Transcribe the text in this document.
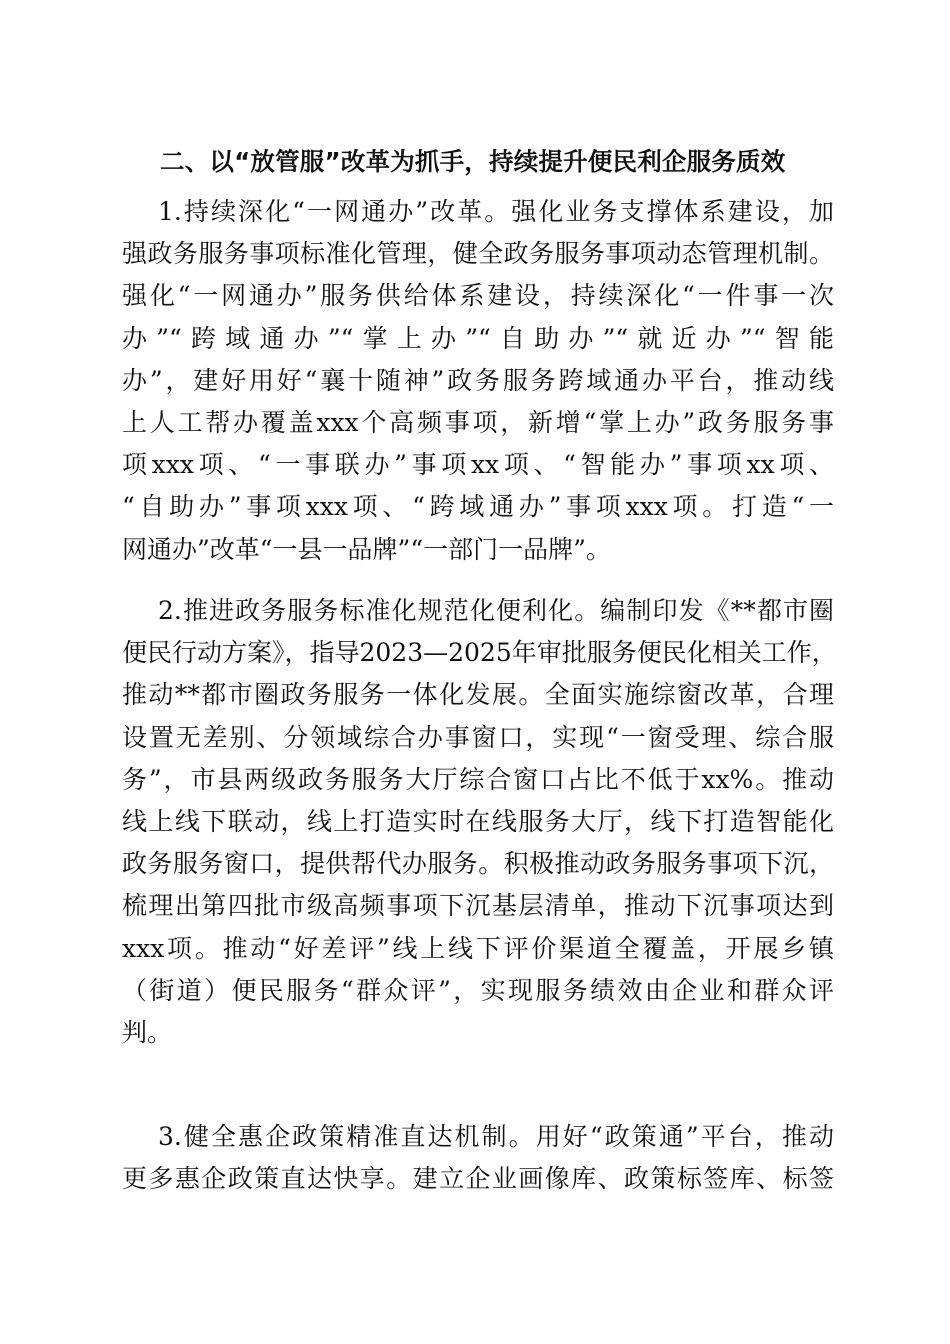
二、以“放管服”改革为抓手，持续提升便民利企服务质效
1.持续深化“一网通办”改革。强化业务支撑体系建设，加
强政务服务事项标准化管理，健全政务服务事项动态管理机制。
强化“一网通办”服务供给体系建设，持续深化“一件事一次
办”“跨域通办”“掌上办”“自助办”“就近办”“智能
办”，建好用好“襄十随神”政务服务跨域通办平台，推动线
上人工帮办覆盖xxx个高频事项，新增“掌上办”政务服务事
项xxx项、“一事联办”事项xx项、“智能办”事项xx项、
“自助办”事项xxx项、“跨域通办”事项xxx项。打造“一
网通办”改革“一县一品牌”“一部门一品牌”。
2.推进政务服务标准化规范化便利化。编制印发《**都市圈
便民行动方案》，指导2023—2025年审批服务便民化相关工作，
推动**都市圈政务服务一体化发展。全面实施综窗改革，合理
设置无差别、分领域综合办事窗口，实现“一窗受理、综合服
务”，市县两级政务服务大厅综合窗口占比不低于xx%。推动
线上线下联动，线上打造实时在线服务大厅，线下打造智能化
政务服务窗口，提供帮代办服务。积极推动政务服务事项下沉，
梳理出第四批市级高频事项下沉基层清单，推动下沉事项达到
xxx项。推动“好差评”线上线下评价渠道全覆盖，开展乡镇
（街道）便民服务“群众评”，实现服务绩效由企业和群众评
判。
3.健全惠企政策精准直达机制。用好“政策通”平台，推动
更多惠企政策直达快享。建立企业画像库、政策标签库、标签
